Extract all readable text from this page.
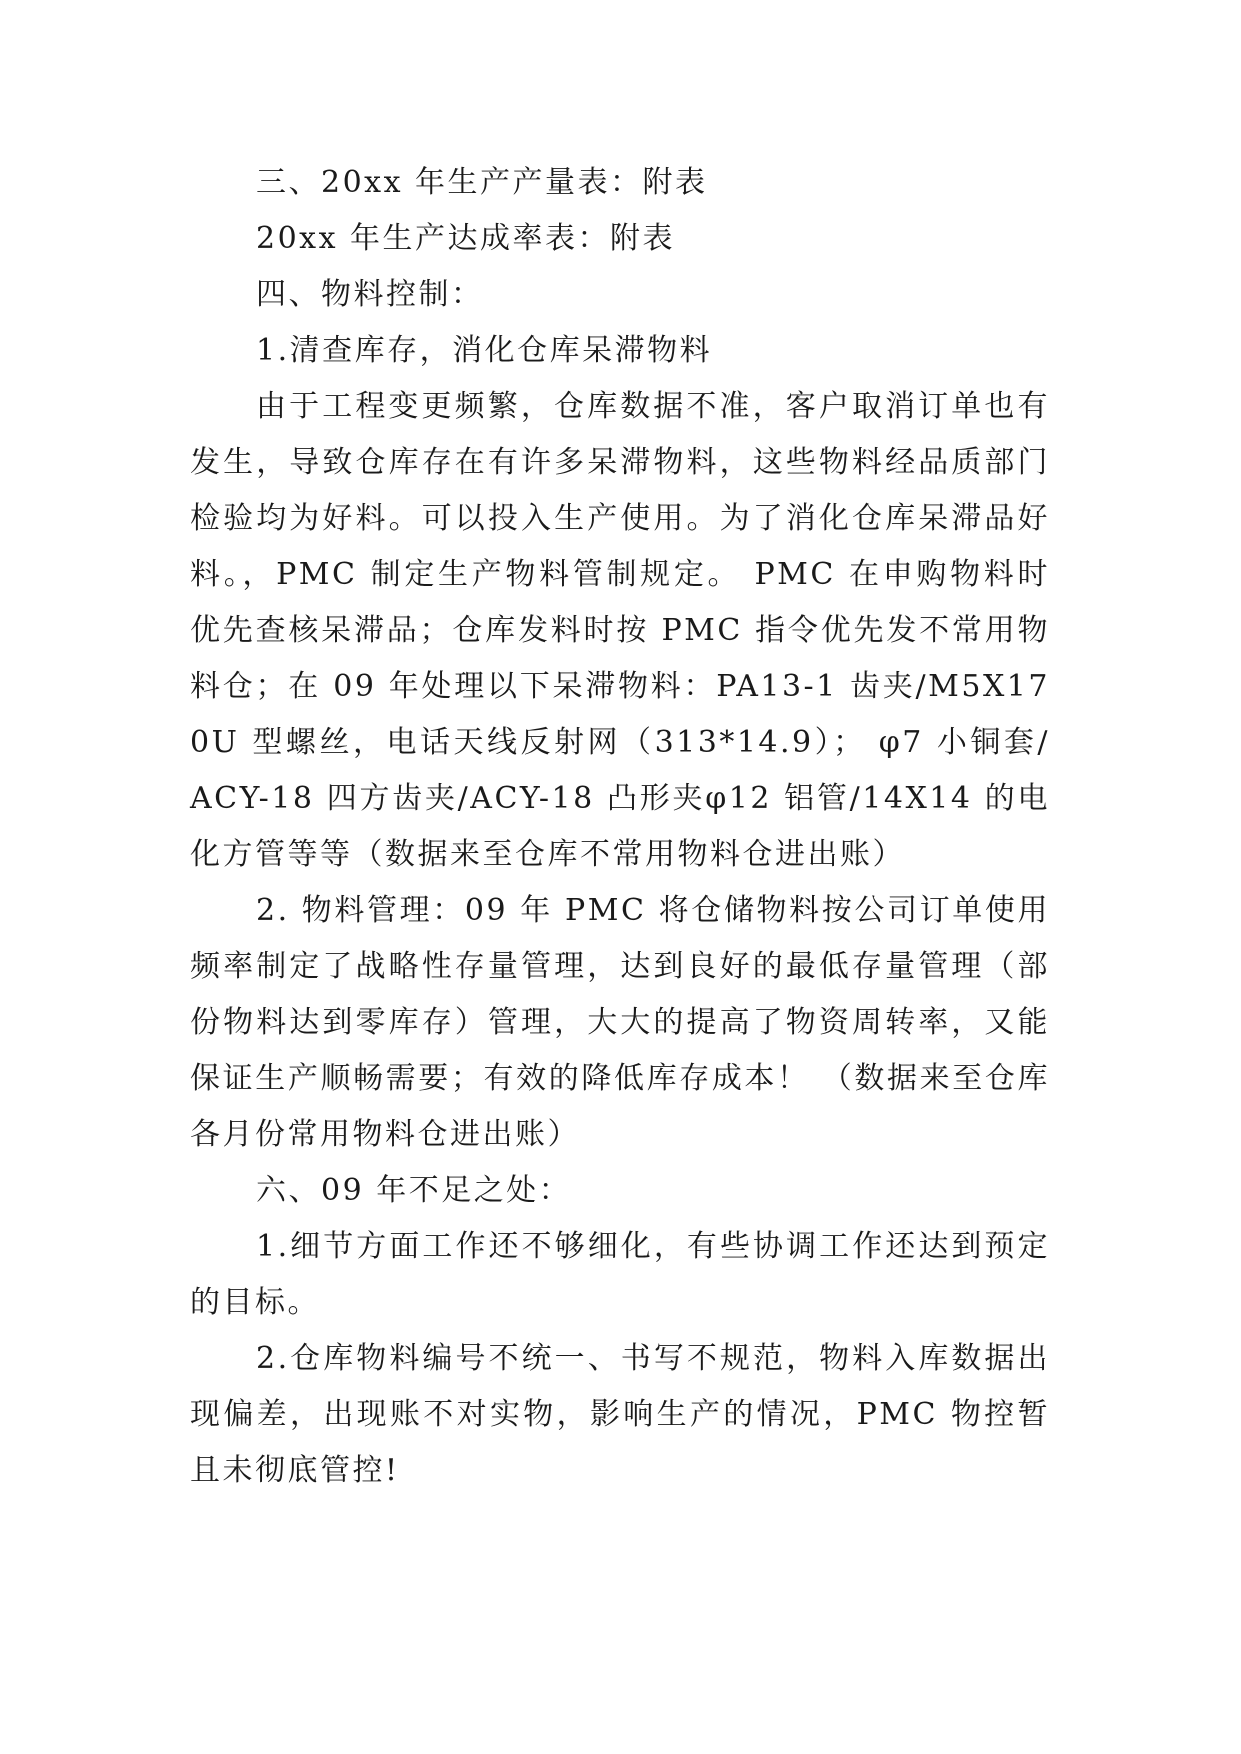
三、20xx 年生产产量表：附表

20xx 年生产达成率表：附表

四、物料控制：

1.清查库存，消化仓库呆滞物料

由于工程变更频繁，仓库数据不准，客户取消订单也有发生，导致仓库存在有许多呆滞物料，这些物料经品质部门检验均为好料。可以投入生产使用。为了消化仓库呆滞品好料。，PMC 制定生产物料管制规定。 PMC 在申购物料时优先查核呆滞品；仓库发料时按 PMC 指令优先发不常用物料仓；在 09 年处理以下呆滞物料：PA13-1 齿夹/M5X170U 型螺丝，电话天线反射网（313*14.9）； φ7 小铜套/ACY-18 四方齿夹/ACY-18 凸形夹φ12 铝管/14X14 的电化方管等等（数据来至仓库不常用物料仓进出账）

2. 物料管理：09 年 PMC 将仓储物料按公司订单使用频率制定了战略性存量管理，达到良好的最低存量管理（部份物料达到零库存）管理，大大的提高了物资周转率，又能保证生产顺畅需要；有效的降低库存成本！ （数据来至仓库各月份常用物料仓进出账）

六、09 年不足之处：

1.细节方面工作还不够细化，有些协调工作还达到预定的目标。

2.仓库物料编号不统一、书写不规范，物料入库数据出现偏差，出现账不对实物，影响生产的情况，PMC 物控暂且未彻底管控!
